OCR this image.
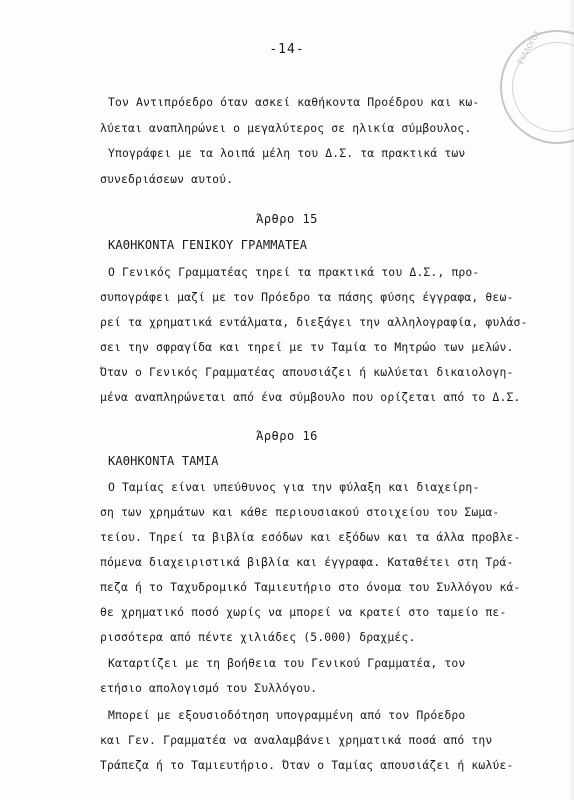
ΣΥΛΛΟΓΟΣ
-14-
Τον Αντιπρόεδρο όταν ασκεί καθήκοντα Προέδρου και κω-
λύεται αναπληρώνει ο μεγαλύτερος σε ηλικία σύμβουλος.
Υπογράφει με τα λοιπά μέλη του Δ.Σ. τα πρακτικά των
συνεδριάσεων αυτού.
Άρθρο 15
ΚΑΘΗΚΟΝΤΑ ΓΕΝΙΚΟΥ ΓΡΑΜΜΑΤΕΑ
Ο Γενικός Γραμματέας τηρεί τα πρακτικά του Δ.Σ., προ-
συπογράφει μαζί με τον Πρόεδρο τα πάσης φύσης έγγραφα, θεω-
ρεί τα χρηματικά εντάλματα, διεξάγει την αλληλογραφία, φυλάσ-
σει την σφραγίδα και τηρεί με τν Ταμία το Μητρώο των μελών.
Όταν ο Γενικός Γραμματέας απουσιάζει ή κωλύεται δικαιολογη-
μένα αναπληρώνεται από ένα σύμβουλο που ορίζεται από το Δ.Σ.
Άρθρο 16
ΚΑΘΗΚΟΝΤΑ ΤΑΜΙΑ
Ο Ταμίας είναι υπεύθυνος για την φύλαξη και διαχείρη-
ση των χρημάτων και κάθε περιουσιακού στοιχείου του Σωμα-
τείου. Τηρεί τα βιβλία εσόδων και εξόδων και τα άλλα προβλε-
πόμενα διαχειριστικά βιβλία και έγγραφα. Καταθέτει στη Τρά-
πεζα ή το Ταχυδρομικό Ταμιευτήριο στο όνομα του Συλλόγου κά-
θε χρηματικό ποσό χωρίς να μπορεί να κρατεί στο ταμείο πε-
ρισσότερα από πέντε χιλιάδες (5.000) δραχμές.
Καταρτίζει με τη βοήθεια του Γενικού Γραμματέα, τον
ετήσιο απολογισμό του Συλλόγου.
Μπορεί με εξουσιοδότηση υπογραμμένη από τον Πρόεδρο
και Γεν. Γραμματέα να αναλαμβάνει χρηματικά ποσά από την
Τράπεζα ή το Ταμιευτήριο. Όταν ο Ταμίας απουσιάζει ή κωλύε-
